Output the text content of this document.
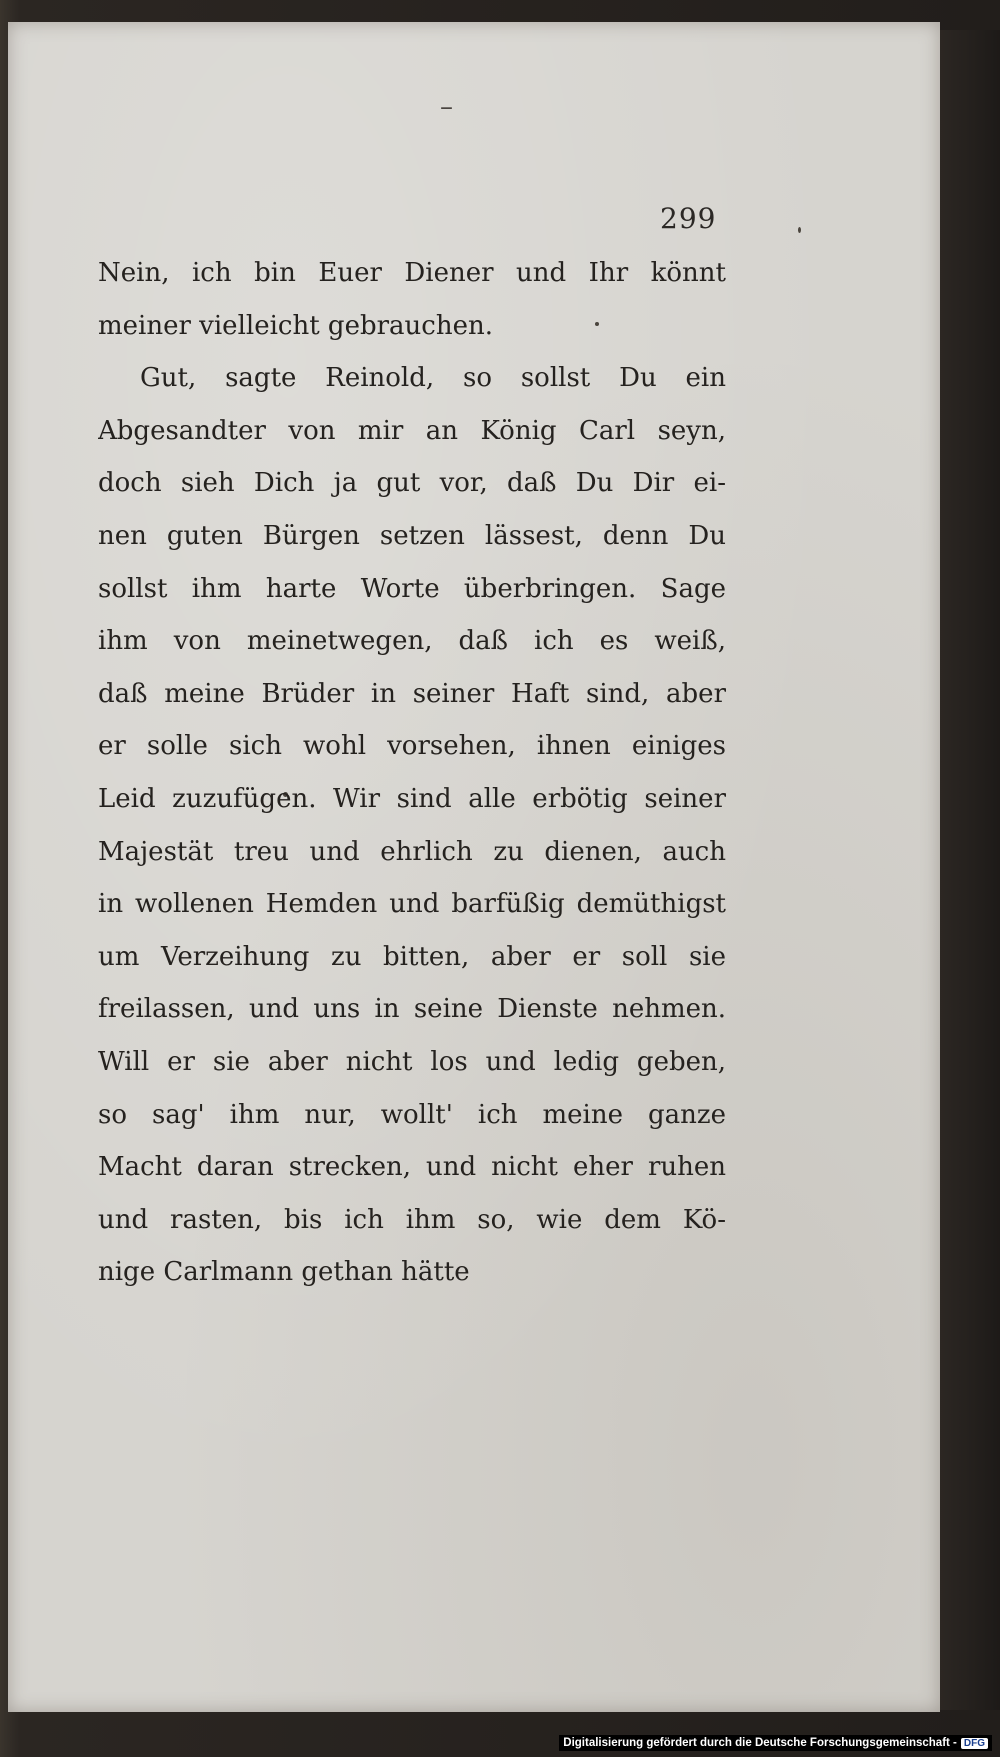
–
299
Nein, ich bin Euer Diener und Ihr könnt
meiner vielleicht gebrauchen.
Gut, sagte Reinold, so sollst Du ein
Abgesandter von mir an König Carl seyn,
doch sieh Dich ja gut vor, daß Du Dir ei-
nen guten Bürgen setzen lässest, denn Du
sollst ihm harte Worte überbringen. Sage
ihm von meinetwegen, daß ich es weiß,
daß meine Brüder in seiner Haft sind, aber
er solle sich wohl vorsehen, ihnen einiges
Leid zuzufügen. Wir sind alle erbötig seiner
Majestät treu und ehrlich zu dienen, auch
in wollenen Hemden und barfüßig demüthigst
um Verzeihung zu bitten, aber er soll sie
freilassen, und uns in seine Dienste nehmen.
Will er sie aber nicht los und ledig geben,
so sag' ihm nur, wollt' ich meine ganze
Macht daran strecken, und nicht eher ruhen
und rasten, bis ich ihm so, wie dem Kö-
nige Carlmann gethan hätte
Digitalisierung gefördert durch die Deutsche Forschungsgemeinschaft - DFG
